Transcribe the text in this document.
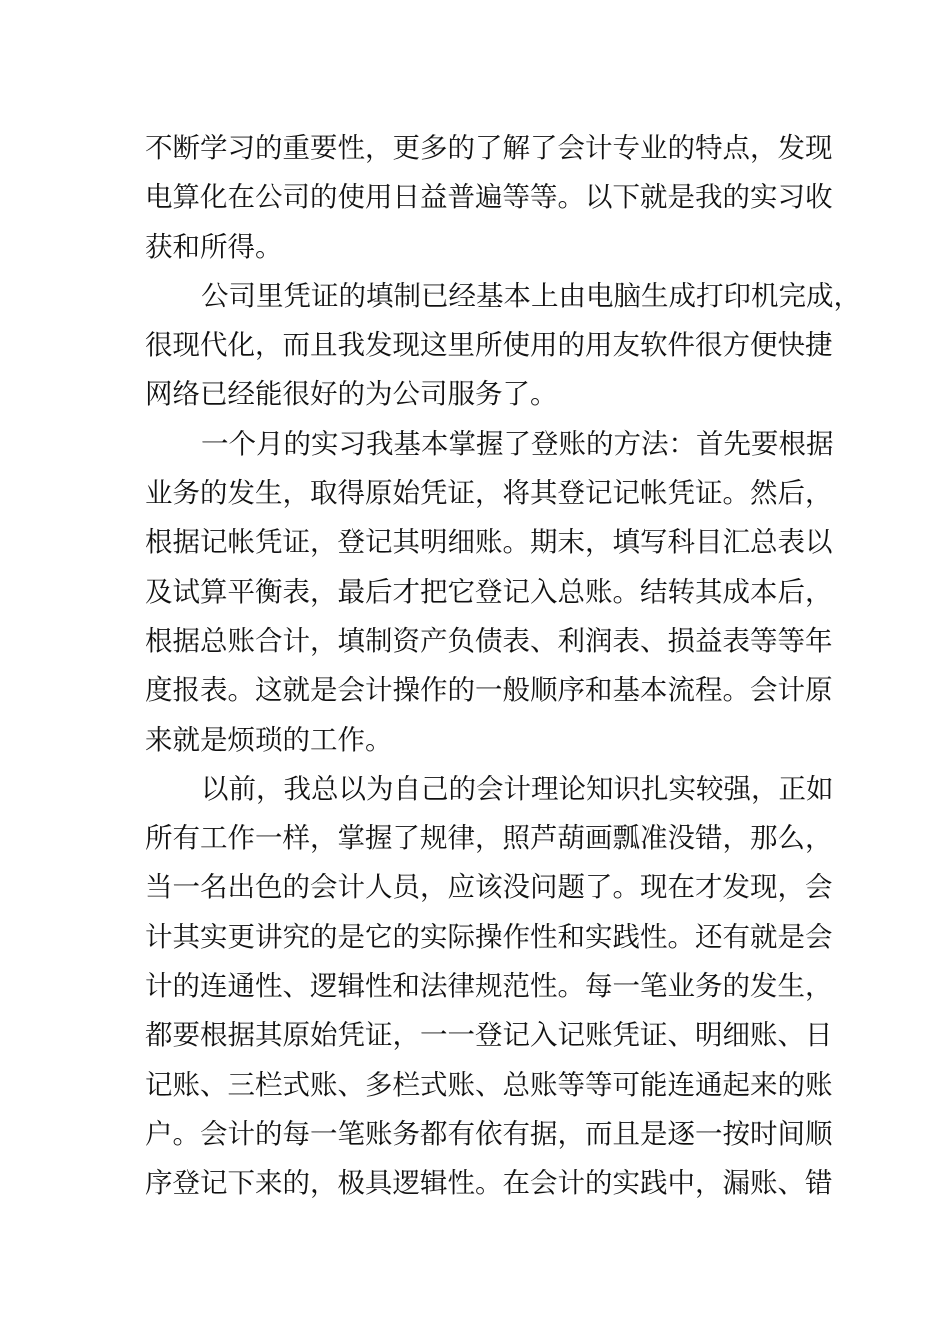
不断学习的重要性，更多的了解了会计专业的特点，发现
电算化在公司的使用日益普遍等等。以下就是我的实习收
获和所得。
公司里凭证的填制已经基本上由电脑生成打印机完成，
很现代化，而且我发现这里所使用的用友软件很方便快捷
网络已经能很好的为公司服务了。
一个月的实习我基本掌握了登账的方法：首先要根据
业务的发生，取得原始凭证，将其登记记帐凭证。然后，
根据记帐凭证，登记其明细账。期末，填写科目汇总表以
及试算平衡表，最后才把它登记入总账。结转其成本后，
根据总账合计，填制资产负债表、利润表、损益表等等年
度报表。这就是会计操作的一般顺序和基本流程。会计原
来就是烦琐的工作。
以前，我总以为自己的会计理论知识扎实较强，正如
所有工作一样，掌握了规律，照芦葫画瓢准没错，那么，
当一名出色的会计人员，应该没问题了。现在才发现，会
计其实更讲究的是它的实际操作性和实践性。还有就是会
计的连通性、逻辑性和法律规范性。每一笔业务的发生，
都要根据其原始凭证，一一登记入记账凭证、明细账、日
记账、三栏式账、多栏式账、总账等等可能连通起来的账
户。会计的每一笔账务都有依有据，而且是逐一按时间顺
序登记下来的，极具逻辑性。在会计的实践中，漏账、错
